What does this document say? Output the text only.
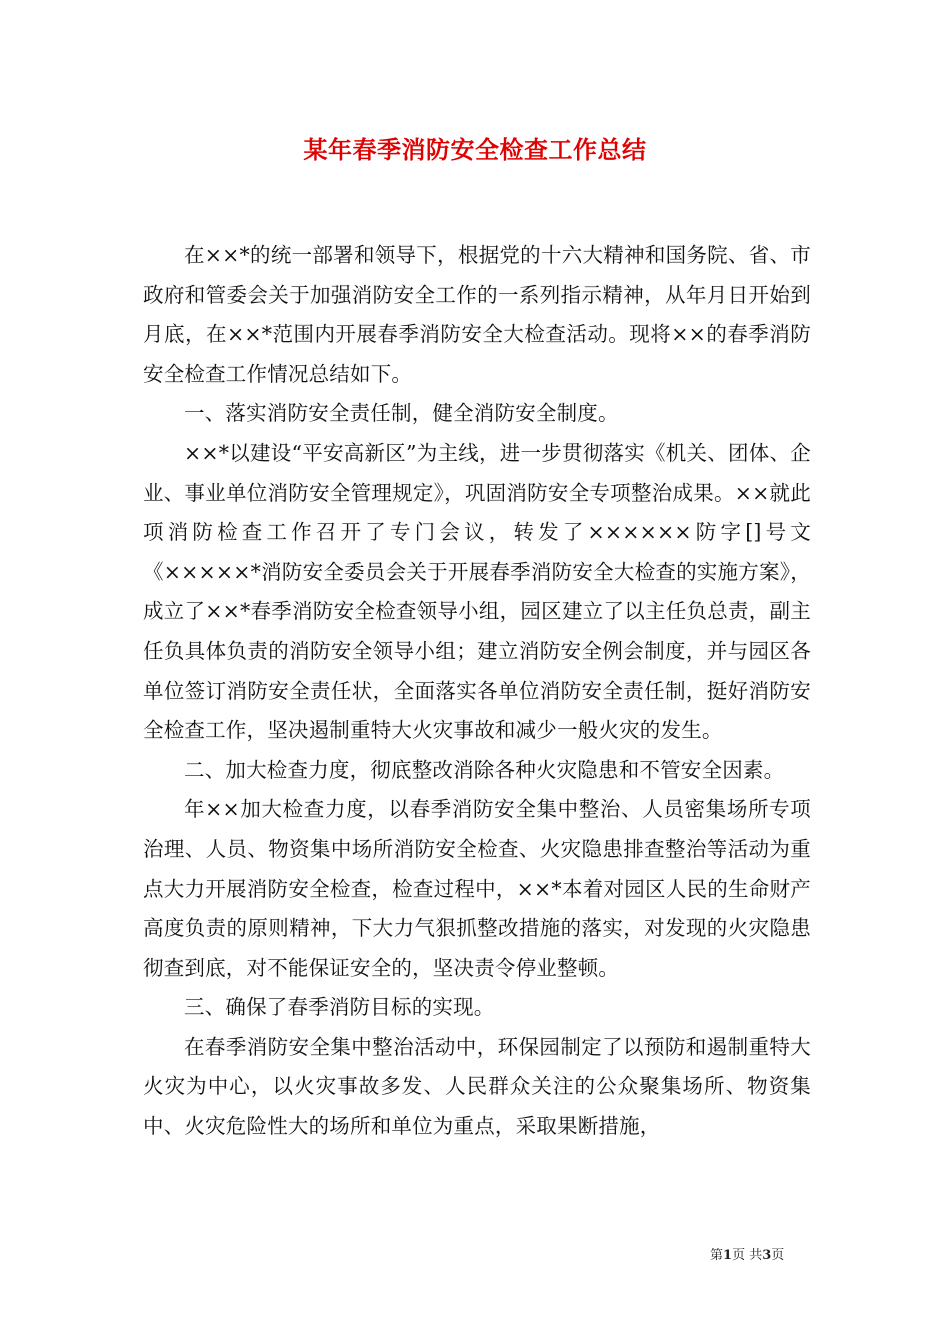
某年春季消防安全检查工作总结

在××*的统一部署和领导下，根据党的十六大精神和国务院、省、市政府和管委会关于加强消防安全工作的一系列指示精神，从年月日开始到月底，在××*范围内开展春季消防安全大检查活动。现将××的春季消防安全检查工作情况总结如下。

一、落实消防安全责任制，健全消防安全制度。

××*以建设“平安高新区”为主线，进一步贯彻落实《机关、团体、企业、事业单位消防安全管理规定》，巩固消防安全专项整治成果。××就此项消防检查工作召开了专门会议，转发了××××××防字[]号文《×××××*消防安全委员会关于开展春季消防安全大检查的实施方案》，成立了××*春季消防安全检查领导小组，园区建立了以主任负总责，副主任负具体负责的消防安全领导小组；建立消防安全例会制度，并与园区各单位签订消防安全责任状，全面落实各单位消防安全责任制，挺好消防安全检查工作，坚决遏制重特大火灾事故和减少一般火灾的发生。

二、加大检查力度，彻底整改消除各种火灾隐患和不管安全因素。

年××加大检查力度，以春季消防安全集中整治、人员密集场所专项治理、人员、物资集中场所消防安全检查、火灾隐患排查整治等活动为重点大力开展消防安全检查，检查过程中，××*本着对园区人民的生命财产高度负责的原则精神，下大力气狠抓整改措施的落实，对发现的火灾隐患彻查到底，对不能保证安全的，坚决责令停业整顿。

三、确保了春季消防目标的实现。

在春季消防安全集中整治活动中，环保园制定了以预防和遏制重特大火灾为中心，以火灾事故多发、人民群众关注的公众聚集场所、物资集中、火灾危险性大的场所和单位为重点，采取果断措施，

第1页 共3页
